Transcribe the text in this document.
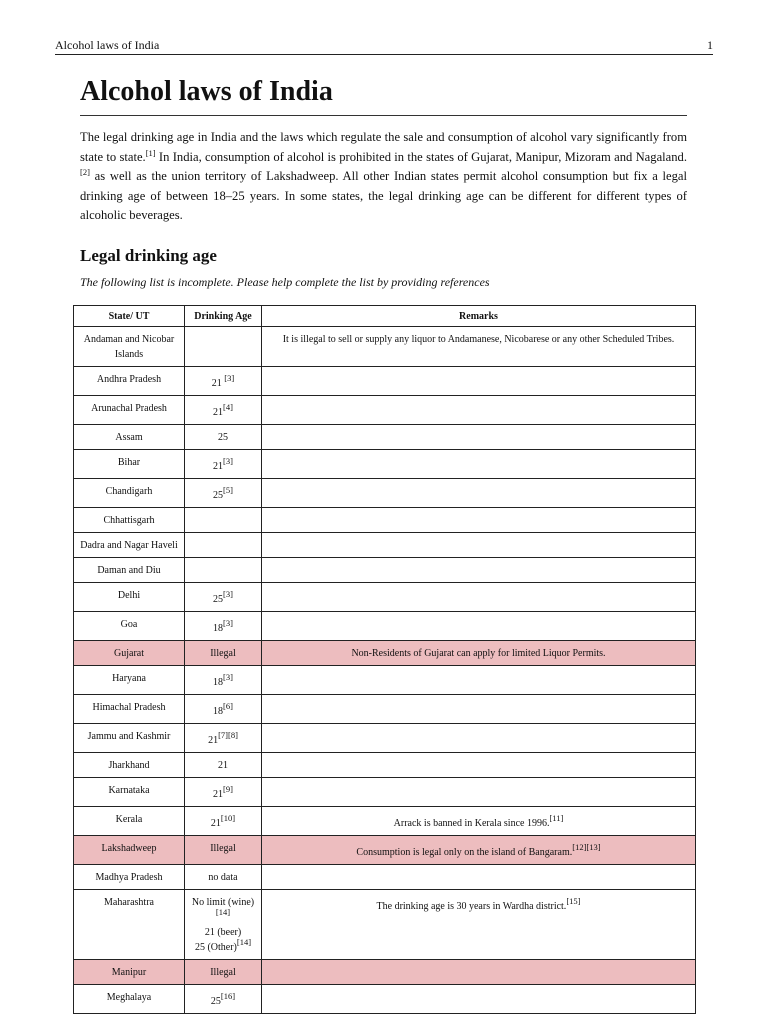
Alcohol laws of India	1
Alcohol laws of India

The legal drinking age in India and the laws which regulate the sale and consumption of alcohol vary significantly from state to state.[1] In India, consumption of alcohol is prohibited in the states of Gujarat, Manipur, Mizoram and Nagaland.[2] as well as the union territory of Lakshadweep. All other Indian states permit alcohol consumption but fix a legal drinking age of between 18–25 years. In some states, the legal drinking age can be different for different types of alcoholic beverages.

Legal drinking age

The following list is incomplete. Please help complete the list by providing references

State/ UT	Drinking Age	Remarks
Andaman and Nicobar Islands		It is illegal to sell or supply any liquor to Andamanese, Nicobarese or any other Scheduled Tribes.
Andhra Pradesh	21 [3]	
Arunachal Pradesh	21[4]	
Assam	25	
Bihar	21[3]	
Chandigarh	25[5]	
Chhattisgarh		
Dadra and Nagar Haveli		
Daman and Diu		
Delhi	25[3]	
Goa	18[3]	
Gujarat	Illegal	Non-Residents of Gujarat can apply for limited Liquor Permits.
Haryana	18[3]	
Himachal Pradesh	18[6]	
Jammu and Kashmir	21[7][8]	
Jharkhand	21	
Karnataka	21[9]	
Kerala	21[10]	Arrack is banned in Kerala since 1996.[11]
Lakshadweep	Illegal	Consumption is legal only on the island of Bangaram.[12][13]
Madhya Pradesh	no data	
Maharashtra	No limit (wine)[14]
21 (beer)
25 (Other)[14]	The drinking age is 30 years in Wardha district.[15]
Manipur	Illegal	
Meghalaya	25[16]	
